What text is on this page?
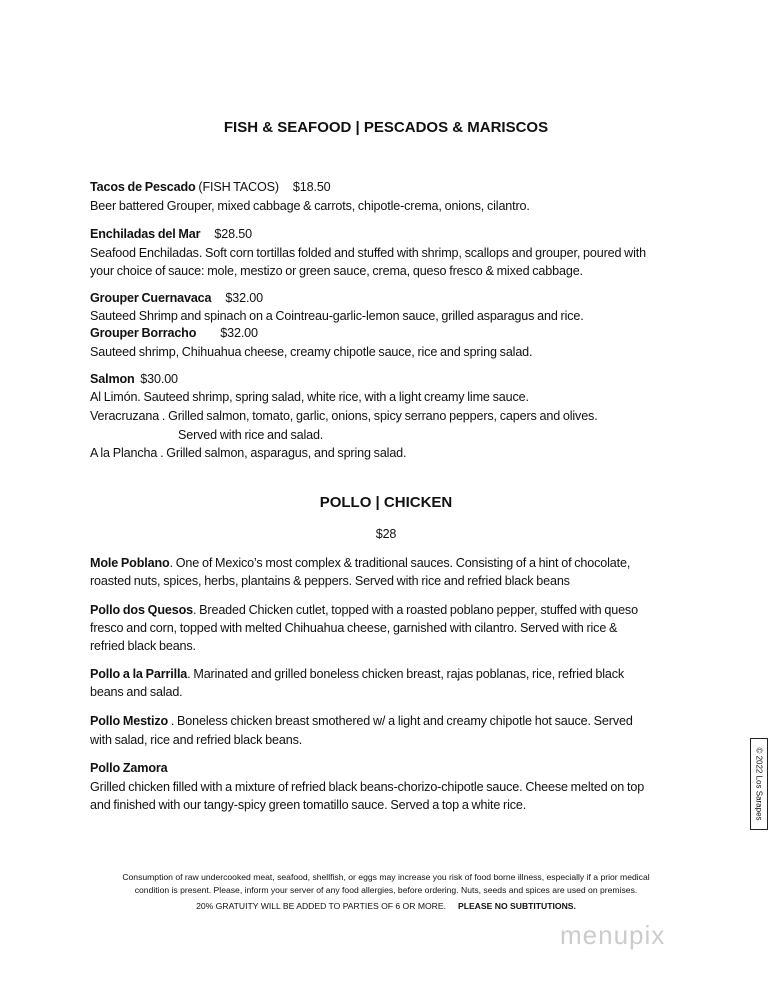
FISH & SEAFOOD | PESCADOS & MARISCOS
Tacos de Pescado (FISH TACOS) $18.50
Beer battered Grouper, mixed cabbage & carrots, chipotle-crema, onions, cilantro.
Enchiladas del Mar $28.50
Seafood Enchiladas. Soft corn tortillas folded and stuffed with shrimp, scallops and grouper, poured with
your choice of sauce: mole, mestizo or green sauce, crema, queso fresco & mixed cabbage.
Grouper Cuernavaca $32.00
Sauteed Shrimp and spinach on a Cointreau-garlic-lemon sauce, grilled asparagus and rice.
Grouper Borracho $32.00
Sauteed shrimp, Chihuahua cheese, creamy chipotle sauce, rice and spring salad.
Salmon $30.00
Al Limón. Sauteed shrimp, spring salad, white rice, with a light creamy lime sauce.
Veracruzana . Grilled salmon, tomato, garlic, onions, spicy serrano peppers, capers and olives.
Served with rice and salad.
A la Plancha . Grilled salmon, asparagus, and spring salad.
POLLO | CHICKEN
$28
Mole Poblano. One of Mexico’s most complex & traditional sauces. Consisting of a hint of chocolate,
roasted nuts, spices, herbs, plantains & peppers. Served with rice and refried black beans
Pollo dos Quesos. Breaded Chicken cutlet, topped with a roasted poblano pepper, stuffed with queso
fresco and corn, topped with melted Chihuahua cheese, garnished with cilantro. Served with rice &
refried black beans.
Pollo a la Parrilla. Marinated and grilled boneless chicken breast, rajas poblanas, rice, refried black
beans and salad.
Pollo Mestizo . Boneless chicken breast smothered w/ a light and creamy chipotle hot sauce. Served
with salad, rice and refried black beans.
Pollo Zamora
Grilled chicken filled with a mixture of refried black beans-chorizo-chipotle sauce. Cheese melted on top
and finished with our tangy-spicy green tomatillo sauce. Served a top a white rice.
Consumption of raw undercooked meat, seafood, shellfish, or eggs may increase you risk of food borne illness, especially if a prior medical
condition is present. Please, inform your server of any food allergies, before ordering. Nuts, seeds and spices are used on premises.
20% GRATUITY WILL BE ADDED TO PARTIES OF 6 OR MORE. PLEASE NO SUBTITUTIONS.
© 2022 Los Sarapes
menupix
